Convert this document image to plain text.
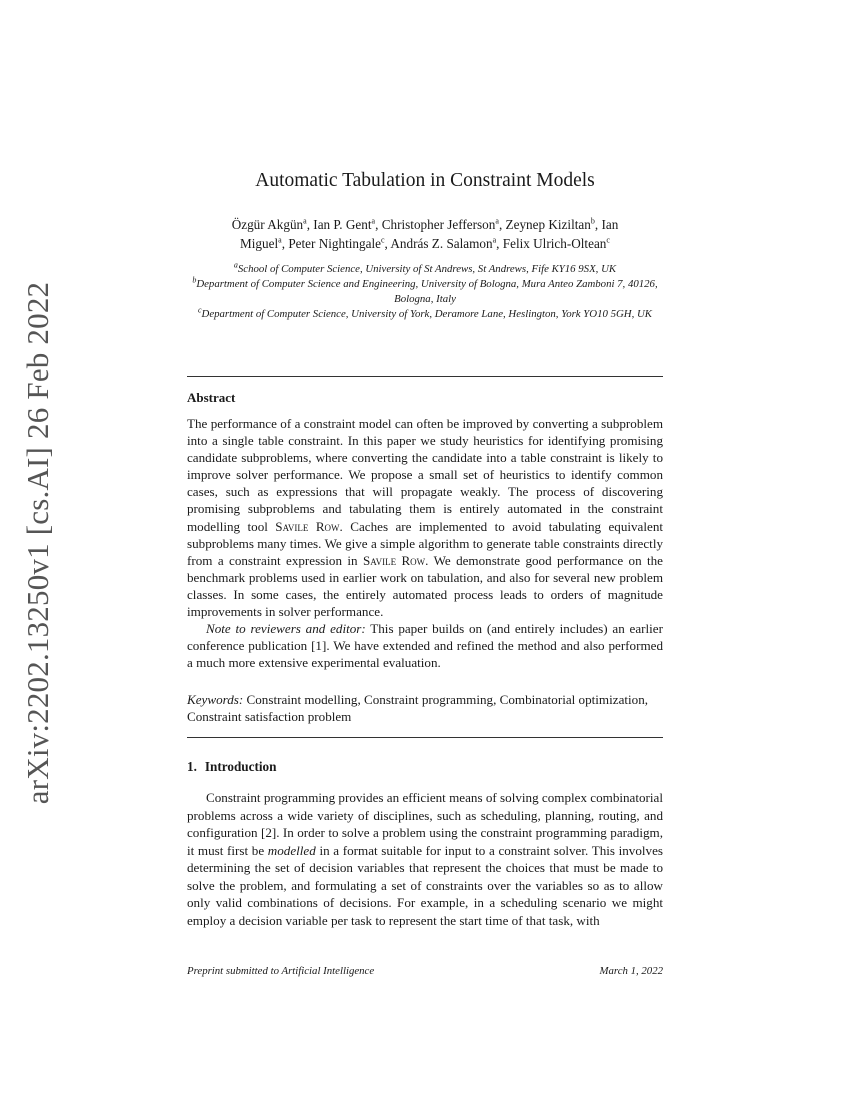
arXiv:2202.13250v1 [cs.AI] 26 Feb 2022
Automatic Tabulation in Constraint Models
Özgür Akgün$^a$, Ian P. Gent$^a$, Christopher Jefferson$^a$, Zeynep Kiziltan$^b$, Ian
Miguel$^a$, Peter Nightingale$^c$, András Z. Salamon$^a$, Felix Ulrich-Oltean$^c$
$^a$School of Computer Science, University of St Andrews, St Andrews, Fife KY16 9SX, UK
$^b$Department of Computer Science and Engineering, University of Bologna, Mura Anteo Zamboni 7, 40126, Bologna, Italy
$^c$Department of Computer Science, University of York, Deramore Lane, Heslington, York YO10 5GH, UK
Abstract

The performance of a constraint model can often be improved by converting a subproblem into a single table constraint. In this paper we study heuristics for identifying promising candidate subproblems, where converting the candidate into a table constraint is likely to improve solver performance. We propose a small set of heuristics to identify common cases, such as expressions that will propagate weakly. The process of discovering promising subproblems and tabulating them is entirely automated in the constraint modelling tool Savile Row. Caches are implemented to avoid tabulating equivalent subproblems many times. We give a simple algorithm to generate table constraints directly from a constraint expression in Savile Row. We demonstrate good performance on the benchmark problems used in earlier work on tabulation, and also for several new problem classes. In some cases, the entirely automated process leads to orders of magnitude improvements in solver performance.

Note to reviewers and editor: This paper builds on (and entirely includes) an earlier conference publication [1]. We have extended and refined the method and also performed a much more extensive experimental evaluation.

Keywords: Constraint modelling, Constraint programming, Combinatorial optimization, Constraint satisfaction problem
1. Introduction

Constraint programming provides an efficient means of solving complex combinatorial problems across a wide variety of disciplines, such as scheduling, planning, routing, and configuration [2]. In order to solve a problem using the constraint programming paradigm, it must first be modelled in a format suitable for input to a constraint solver. This involves determining the set of decision variables that represent the choices that must be made to solve the problem, and formulating a set of constraints over the variables so as to allow only valid combinations of decisions. For example, in a scheduling scenario we might employ a decision variable per task to represent the start time of that task, with

Preprint submitted to Artificial Intelligence	March 1, 2022
